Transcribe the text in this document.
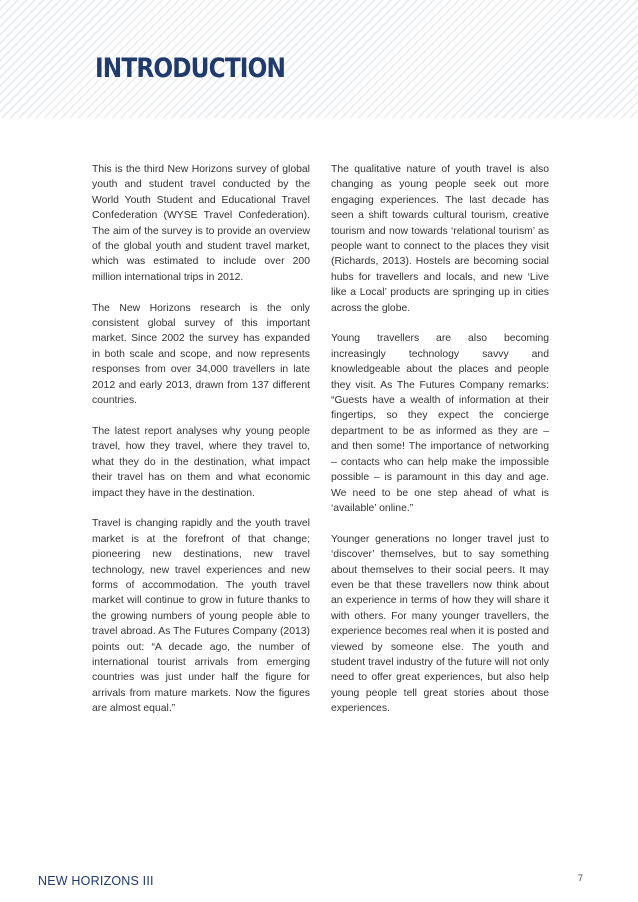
INTRODUCTION

This is the third New Horizons survey of global youth and student travel conducted by the World Youth Student and Educational Travel Confederation (WYSE Travel Confederation). The aim of the survey is to provide an overview of the global youth and student travel market, which was estimated to include over 200 million international trips in 2012.

The New Horizons research is the only consistent global survey of this important market. Since 2002 the survey has expanded in both scale and scope, and now represents responses from over 34,000 travellers in late 2012 and early 2013, drawn from 137 different countries.

The latest report analyses why young people travel, how they travel, where they travel to, what they do in the destination, what impact their travel has on them and what economic impact they have in the destination.

Travel is changing rapidly and the youth travel market is at the forefront of that change; pioneering new destinations, new travel technology, new travel experiences and new forms of accommodation. The youth travel market will continue to grow in future thanks to the growing numbers of young people able to travel abroad. As The Futures Company (2013) points out: “A decade ago, the number of international tourist arrivals from emerging countries was just under half the figure for arrivals from mature markets. Now the figures are almost equal.”

The qualitative nature of youth travel is also changing as young people seek out more engaging experiences. The last decade has seen a shift towards cultural tourism, creative tourism and now towards ‘relational tourism’ as people want to connect to the places they visit (Richards, 2013). Hostels are becoming social hubs for travellers and locals, and new ‘Live like a Local’ products are springing up in cities across the globe.

Young travellers are also becoming increasingly technology savvy and knowledgeable about the places and people they visit. As The Futures Company remarks: “Guests have a wealth of information at their fingertips, so they expect the concierge department to be as informed as they are – and then some! The importance of networking – contacts who can help make the impossible possible – is paramount in this day and age. We need to be one step ahead of what is ‘available’ online.”

Younger generations no longer travel just to ‘discover’ themselves, but to say something about themselves to their social peers. It may even be that these travellers now think about an experience in terms of how they will share it with others. For many younger travellers, the experience becomes real when it is posted and viewed by someone else. The youth and student travel industry of the future will not only need to offer great experiences, but also help young people tell great stories about those experiences.

NEW HORIZONS III	7
